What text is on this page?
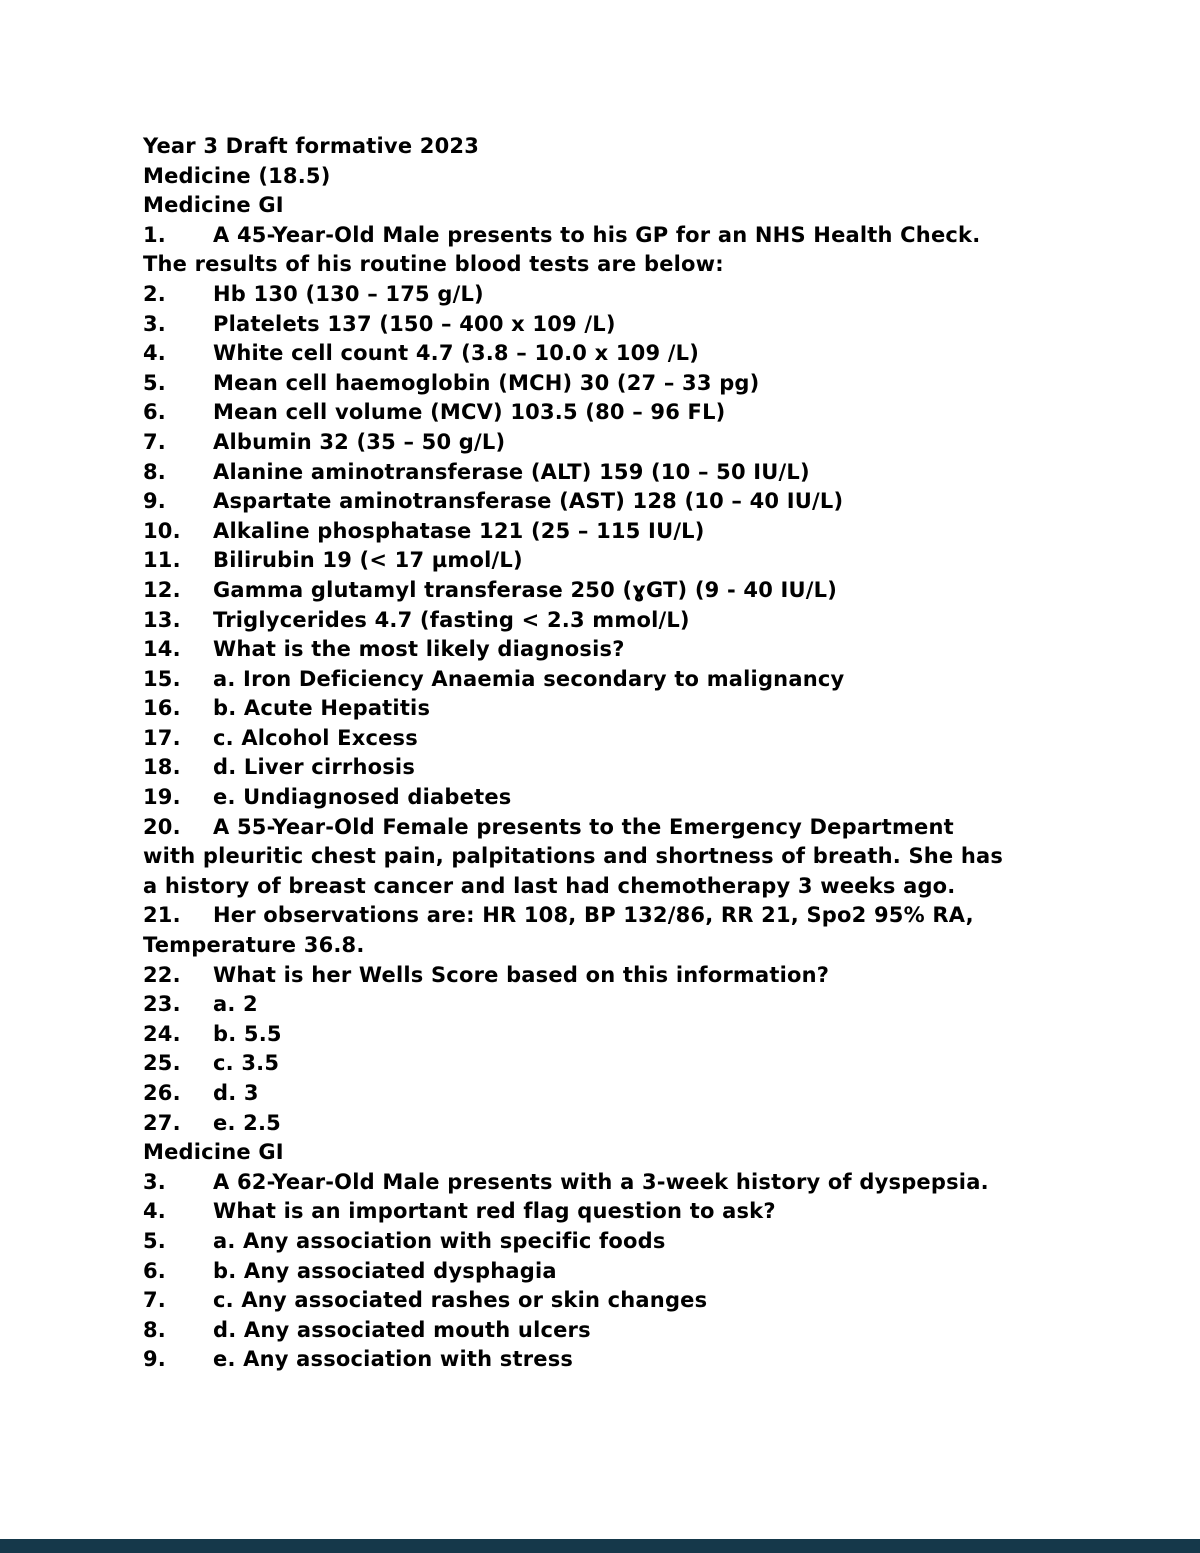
Year 3 Draft formative 2023
Medicine (18.5)
Medicine GI
1. A 45-Year-Old Male presents to his GP for an NHS Health Check.
The results of his routine blood tests are below:
2. Hb 130 (130 – 175 g/L)
3. Platelets 137 (150 – 400 x 109 /L)
4. White cell count 4.7 (3.8 – 10.0 x 109 /L)
5. Mean cell haemoglobin (MCH) 30 (27 – 33 pg)
6. Mean cell volume (MCV) 103.5 (80 – 96 FL)
7. Albumin 32 (35 – 50 g/L)
8. Alanine aminotransferase (ALT) 159 (10 – 50 IU/L)
9. Aspartate aminotransferase (AST) 128 (10 – 40 IU/L)
10. Alkaline phosphatase 121 (25 – 115 IU/L)
11. Bilirubin 19 (< 17 µmol/L)
12. Gamma glutamyl transferase 250 (ɣGT) (9 - 40 IU/L)
13. Triglycerides 4.7 (fasting < 2.3 mmol/L)
14. What is the most likely diagnosis?
15. a. Iron Deficiency Anaemia secondary to malignancy
16. b. Acute Hepatitis
17. c. Alcohol Excess
18. d. Liver cirrhosis
19. e. Undiagnosed diabetes
20. A 55-Year-Old Female presents to the Emergency Department
with pleuritic chest pain, palpitations and shortness of breath. She has
a history of breast cancer and last had chemotherapy 3 weeks ago.
21. Her observations are: HR 108, BP 132/86, RR 21, Spo2 95% RA,
Temperature 36.8.
22. What is her Wells Score based on this information?
23. a. 2
24. b. 5.5
25. c. 3.5
26. d. 3
27. e. 2.5
Medicine GI
3. A 62-Year-Old Male presents with a 3-week history of dyspepsia.
4. What is an important red flag question to ask?
5. a. Any association with specific foods
6. b. Any associated dysphagia
7. c. Any associated rashes or skin changes
8. d. Any associated mouth ulcers
9. e. Any association with stress
